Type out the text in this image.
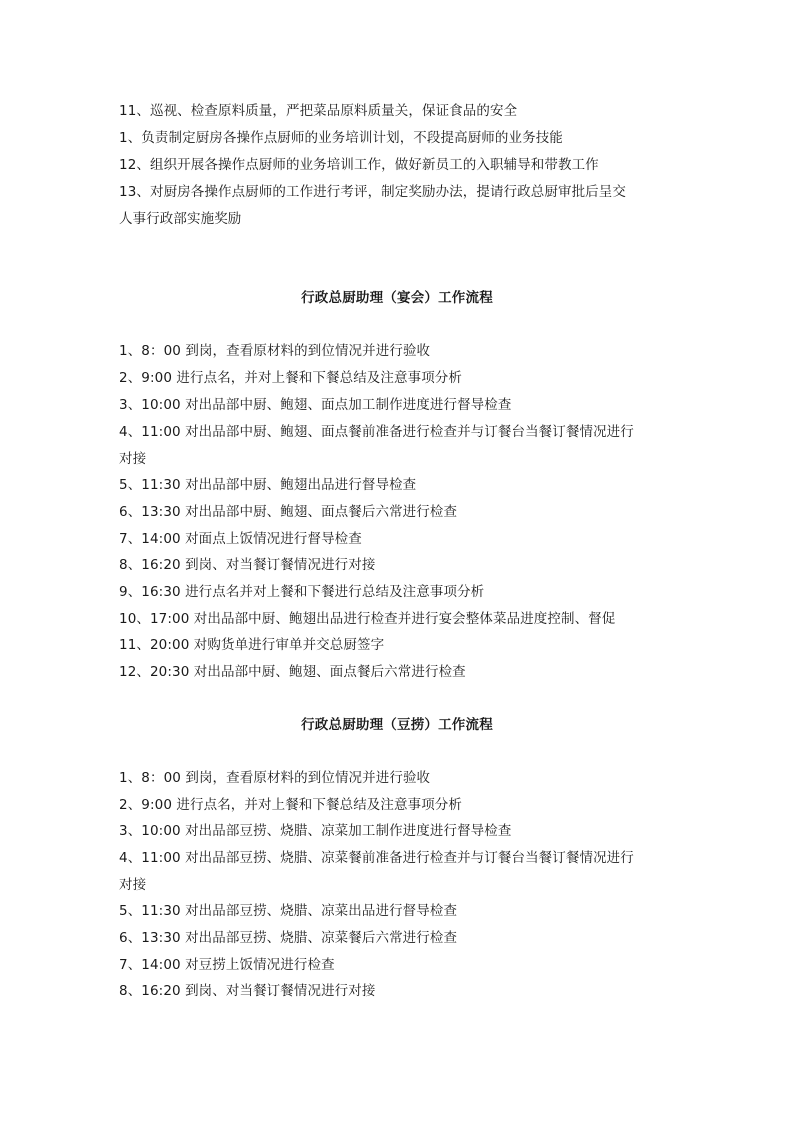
11、巡视、检查原料质量，严把菜品原料质量关，保证食品的安全
1、负责制定厨房各操作点厨师的业务培训计划，不段提高厨师的业务技能
12、组织开展各操作点厨师的业务培训工作，做好新员工的入职辅导和带教工作
13、对厨房各操作点厨师的工作进行考评，制定奖励办法，提请行政总厨审批后呈交
人事行政部实施奖励
行政总厨助理（宴会）工作流程
1、8：00 到岗，查看原材料的到位情况并进行验收
2、9:00 进行点名，并对上餐和下餐总结及注意事项分析
3、10:00 对出品部中厨、鲍翅、面点加工制作进度进行督导检查
4、11:00 对出品部中厨、鲍翅、面点餐前准备进行检查并与订餐台当餐订餐情况进行
对接
5、11:30 对出品部中厨、鲍翅出品进行督导检查
6、13:30 对出品部中厨、鲍翅、面点餐后六常进行检查
7、14:00 对面点上饭情况进行督导检查
8、16:20 到岗、对当餐订餐情况进行对接
9、16:30 进行点名并对上餐和下餐进行总结及注意事项分析
10、17:00 对出品部中厨、鲍翅出品进行检查并进行宴会整体菜品进度控制、督促
11、20:00 对购货单进行审单并交总厨签字
12、20:30 对出品部中厨、鲍翅、面点餐后六常进行检查
行政总厨助理（豆捞）工作流程
1、8：00 到岗，查看原材料的到位情况并进行验收
2、9:00 进行点名，并对上餐和下餐总结及注意事项分析
3、10:00 对出品部豆捞、烧腊、凉菜加工制作进度进行督导检查
4、11:00 对出品部豆捞、烧腊、凉菜餐前准备进行检查并与订餐台当餐订餐情况进行
对接
5、11:30 对出品部豆捞、烧腊、凉菜出品进行督导检查
6、13:30 对出品部豆捞、烧腊、凉菜餐后六常进行检查
7、14:00 对豆捞上饭情况进行检查
8、16:20 到岗、对当餐订餐情况进行对接
